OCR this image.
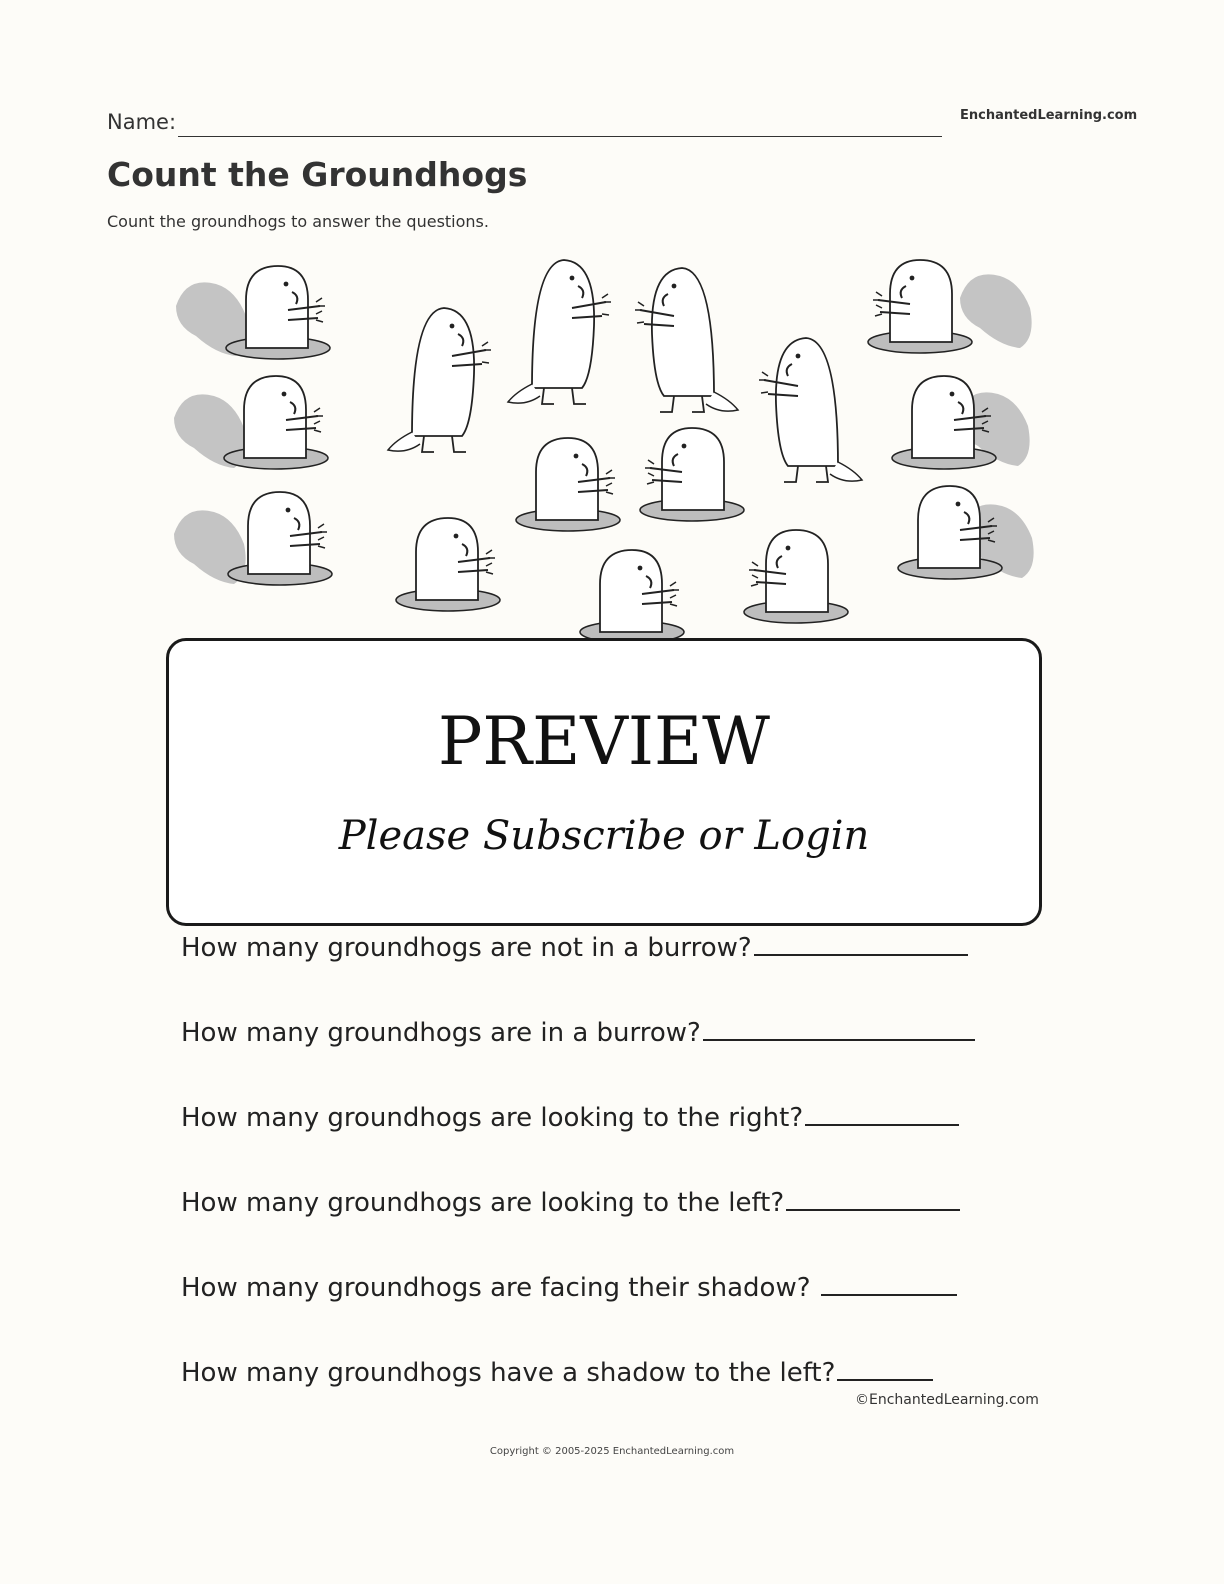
Name:	EnchantedLearning.com
Count the Groundhogs
Count the groundhogs to answer the questions.
PREVIEW
Please Subscribe or Login
How many groundhogs are not in a burrow?
How many groundhogs are in a burrow?
How many groundhogs are looking to the right?
How many groundhogs are looking to the left?
How many groundhogs are facing their shadow?
How many groundhogs have a shadow to the left?
©EnchantedLearning.com
Copyright © 2005-2025 EnchantedLearning.com
